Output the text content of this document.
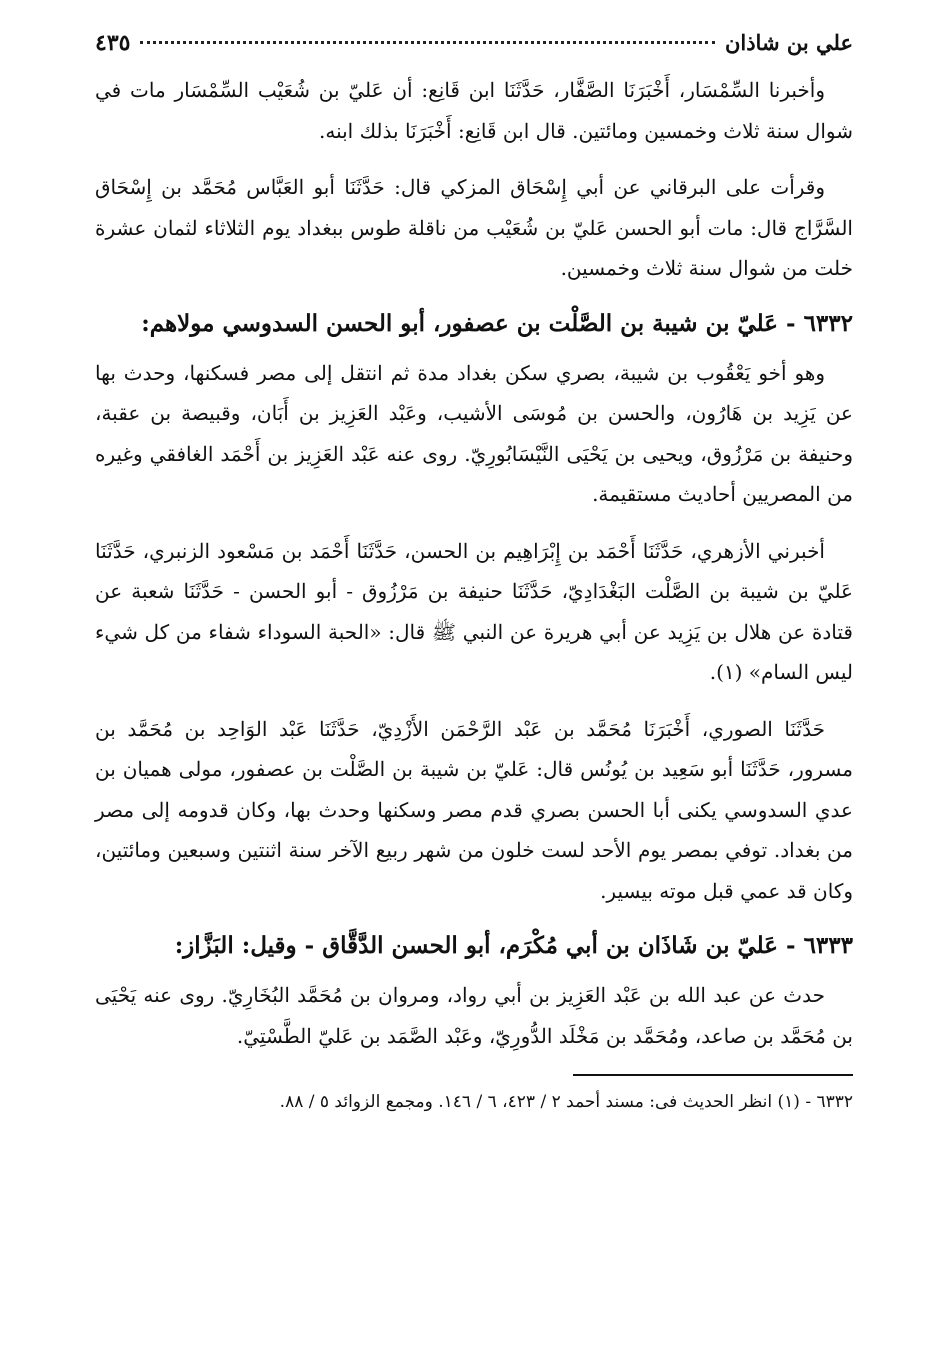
علي بن شاذان
٤٣٥

وأخبرنا السِّمْسَار، أَخْبَرَنَا الصَّفَّار، حَدَّثَنَا ابن قَانِع: أن عَليّ بن شُعَيْب السِّمْسَار مات في شوال سنة ثلاث وخمسين ومائتين. قال ابن قَانِع: أَخْبَرَنَا بذلك ابنه.

وقرأت على البرقاني عن أبي إِسْحَاق المزكي قال: حَدَّثَنَا أبو العَبَّاس مُحَمَّد بن إِسْحَاق السَّرَّاج قال: مات أبو الحسن عَليّ بن شُعَيْب من ناقلة طوس ببغداد يوم الثلاثاء لثمان عشرة خلت من شوال سنة ثلاث وخمسين.

٦٣٣٢ - عَليّ بن شيبة بن الصَّلْت بن عصفور، أبو الحسن السدوسي مولاهم:

وهو أخو يَعْقُوب بن شيبة، بصري سكن بغداد مدة ثم انتقل إلى مصر فسكنها، وحدث بها عن يَزِيد بن هَارُون، والحسن بن مُوسَى الأشيب، وعَبْد العَزِيز بن أَبَان، وقبيصة بن عقبة، وحنيفة بن مَرْزُوق، ويحيى بن يَحْيَى النَّيْسَابُورِيّ. روى عنه عَبْد العَزِيز بن أَحْمَد الغافقي وغيره من المصريين أحاديث مستقيمة.

أخبرني الأزهري، حَدَّثَنَا أَحْمَد بن إِبْرَاهِيم بن الحسن، حَدَّثَنَا أَحْمَد بن مَسْعود الزنبري، حَدَّثَنَا عَليّ بن شيبة بن الصَّلْت البَغْدَادِيّ، حَدَّثَنَا حنيفة بن مَرْزُوق - أبو الحسن - حَدَّثَنَا شعبة عن قتادة عن هلال بن يَزِيد عن أبي هريرة عن النبي ﷺ قال: «الحبة السوداء شفاء من كل شيء ليس السام» (١).

حَدَّثَنَا الصوري، أَخْبَرَنَا مُحَمَّد بن عَبْد الرَّحْمَن الأَزْدِيّ، حَدَّثَنَا عَبْد الوَاحِد بن مُحَمَّد بن مسرور، حَدَّثَنَا أبو سَعِيد بن يُونُس قال: عَليّ بن شيبة بن الصَّلْت بن عصفور، مولى هميان بن عدي السدوسي يكنى أبا الحسن بصري قدم مصر وسكنها وحدث بها، وكان قدومه إلى مصر من بغداد. توفي بمصر يوم الأحد لست خلون من شهر ربيع الآخر سنة اثنتين وسبعين ومائتين، وكان قد عمي قبل موته بيسير.

٦٣٣٣ - عَليّ بن شَاذَان بن أبي مُكْرَم، أبو الحسن الدَّقَّاق - وقيل: البَزَّاز:

حدث عن عبد الله بن عَبْد العَزِيز بن أبي رواد، ومروان بن مُحَمَّد البُخَارِيّ. روى عنه يَحْيَى بن مُحَمَّد بن صاعد، ومُحَمَّد بن مَخْلَد الدُّورِيّ، وعَبْد الصَّمَد بن عَليّ الطَّسْتِيّ.

٦٣٣٢ - (١) انظر الحديث فى: مسند أحمد ٢ / ٤٢٣، ٦ / ١٤٦. ومجمع الزوائد ٥ / ٨٨.
